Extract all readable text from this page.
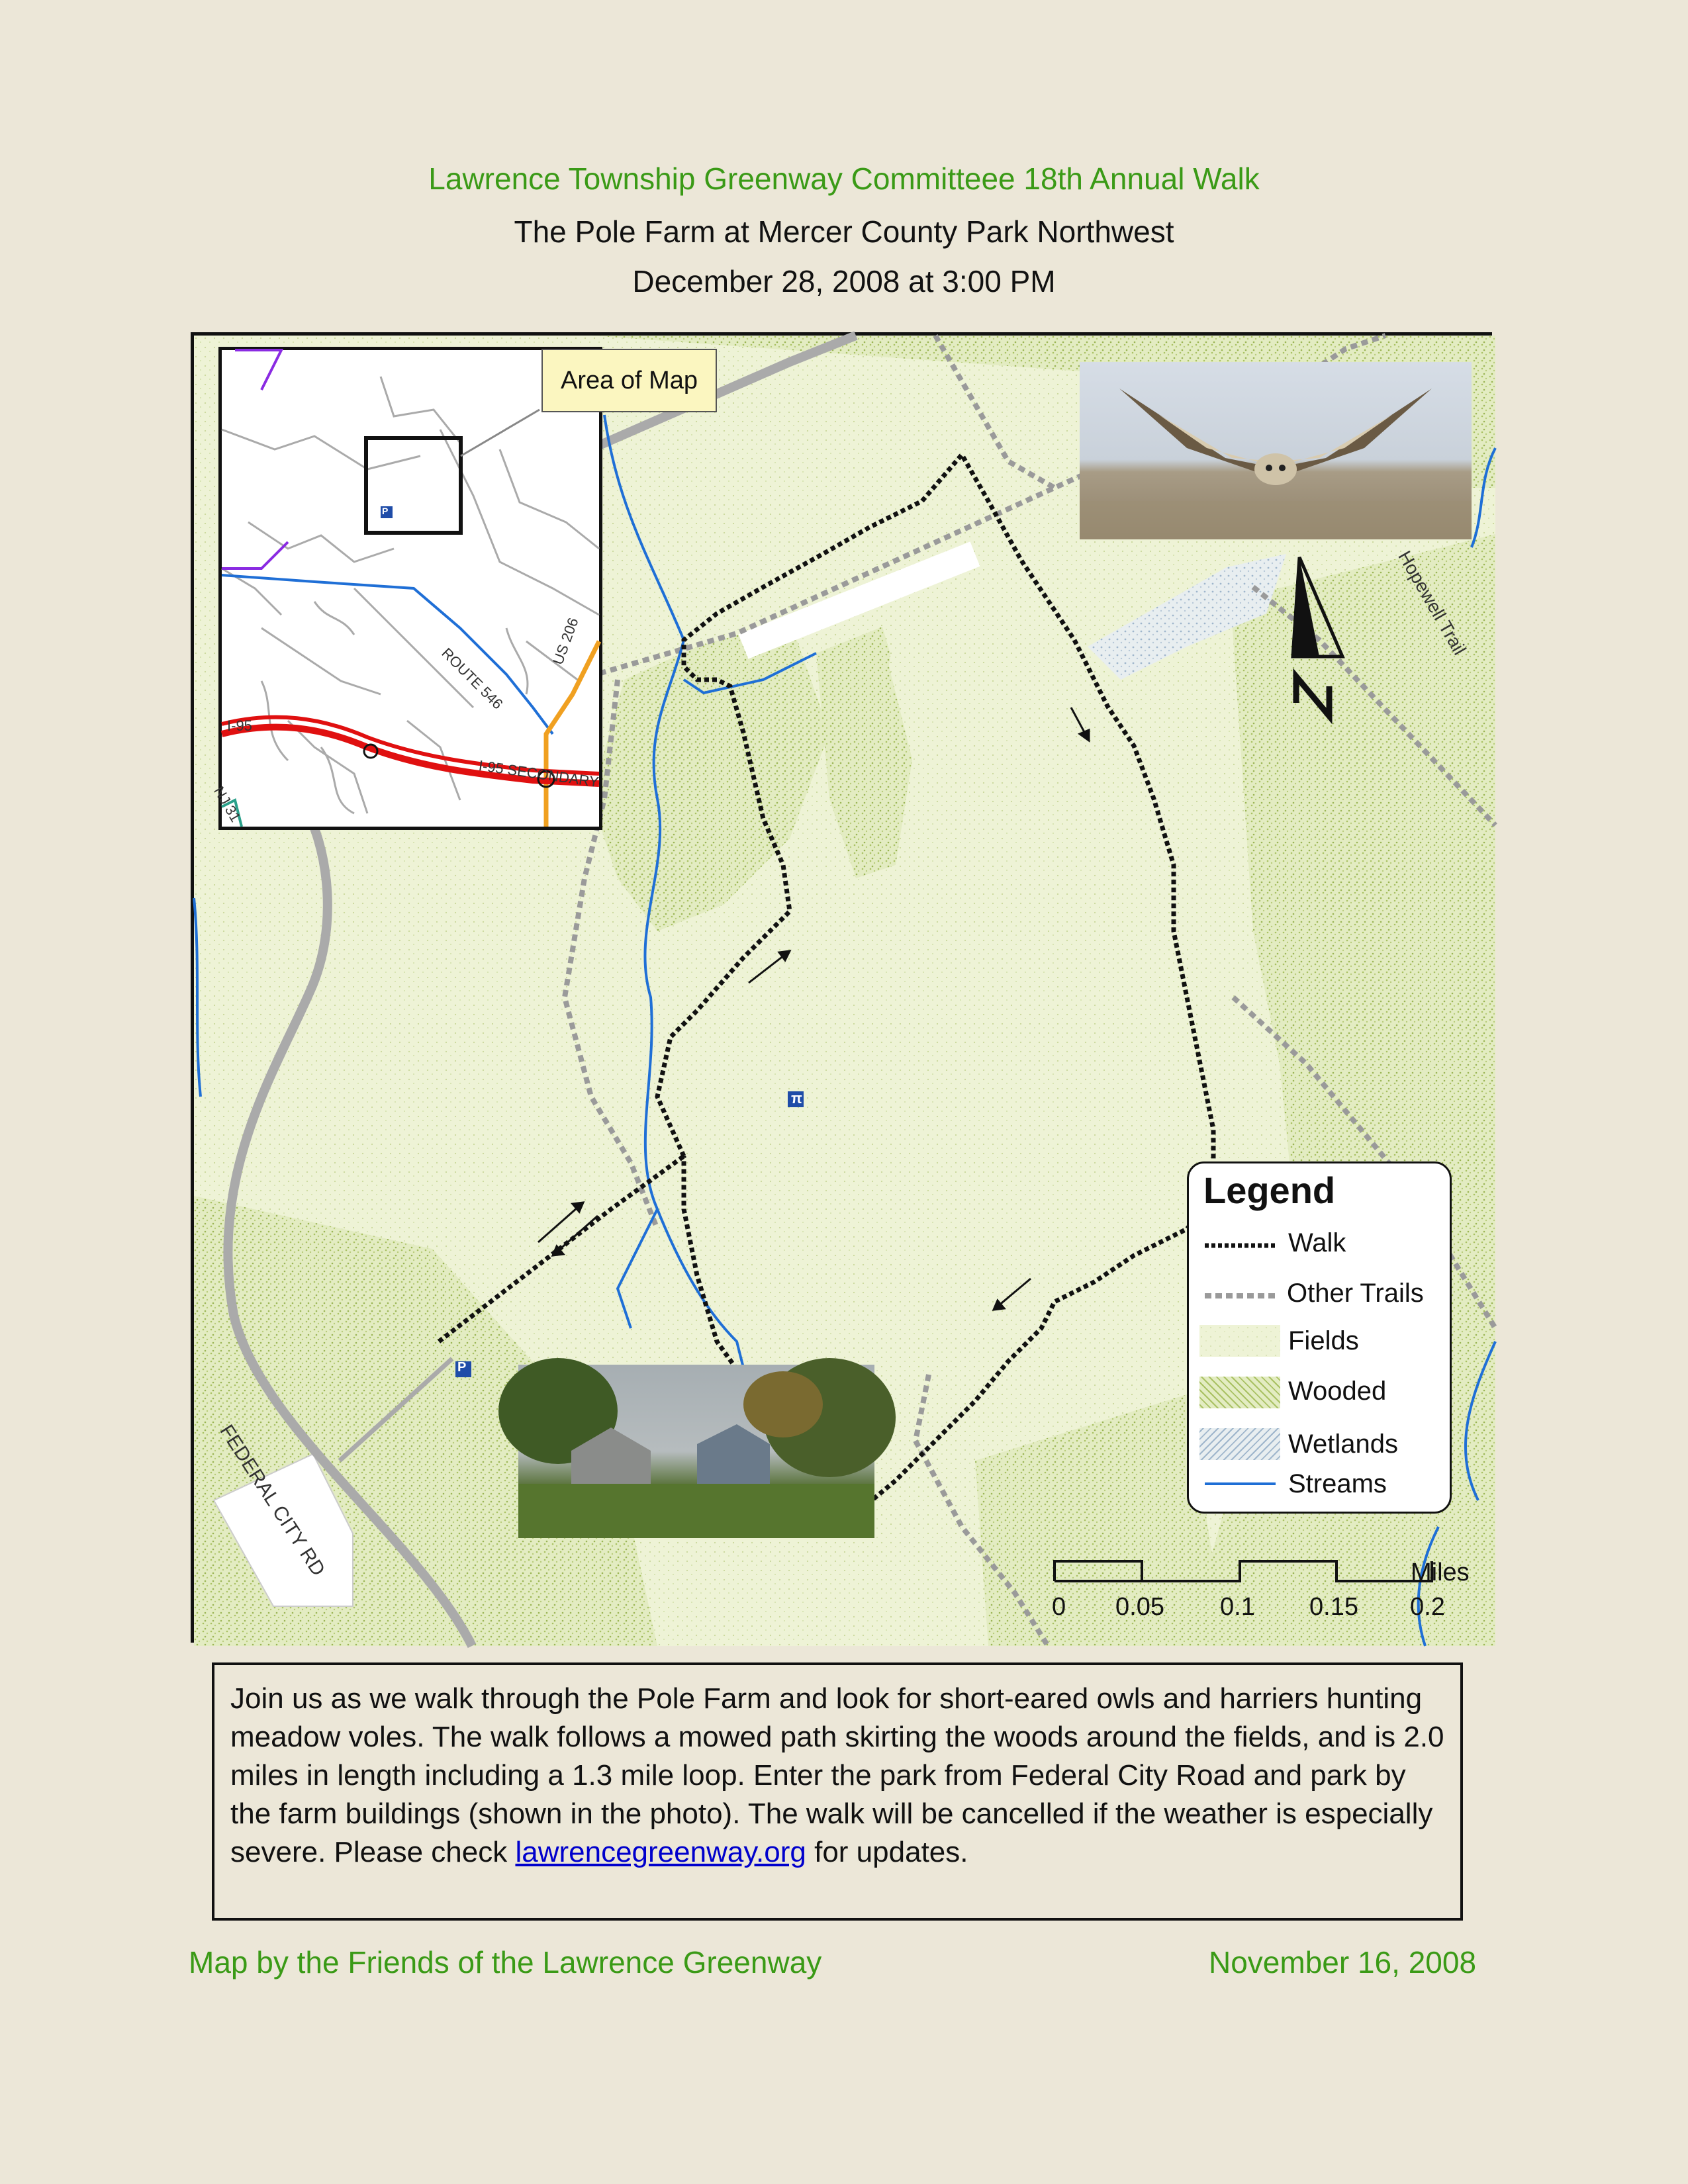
Lawrence Township Greenway Committeee 18th Annual Walk
The Pole Farm at Mercer County Park Northwest
December 28, 2008 at 3:00 PM
FEDERAL CITY RD
Hopewell Trail
P
π
P
ROUTE 546
US 206
I-95
I-95 SECONDARY
NJ 31
Area of Map
Legend
Walk
Other Trails
Fields
Wooded
Wetlands
Streams
0 0.05 0.1 0.15 0.2
Miles
Join us as we walk through the Pole Farm and look for short-eared owls and harriers hunting meadow voles. The walk follows a mowed path skirting the woods around the fields, and is 2.0 miles in length including a 1.3 mile loop. Enter the park from Federal City Road and park by the farm buildings (shown in the photo). The walk will be cancelled if the weather is especially severe. Please check lawrencegreenway.org for updates.
Map by the Friends of the Lawrence Greenway	November 16, 2008
